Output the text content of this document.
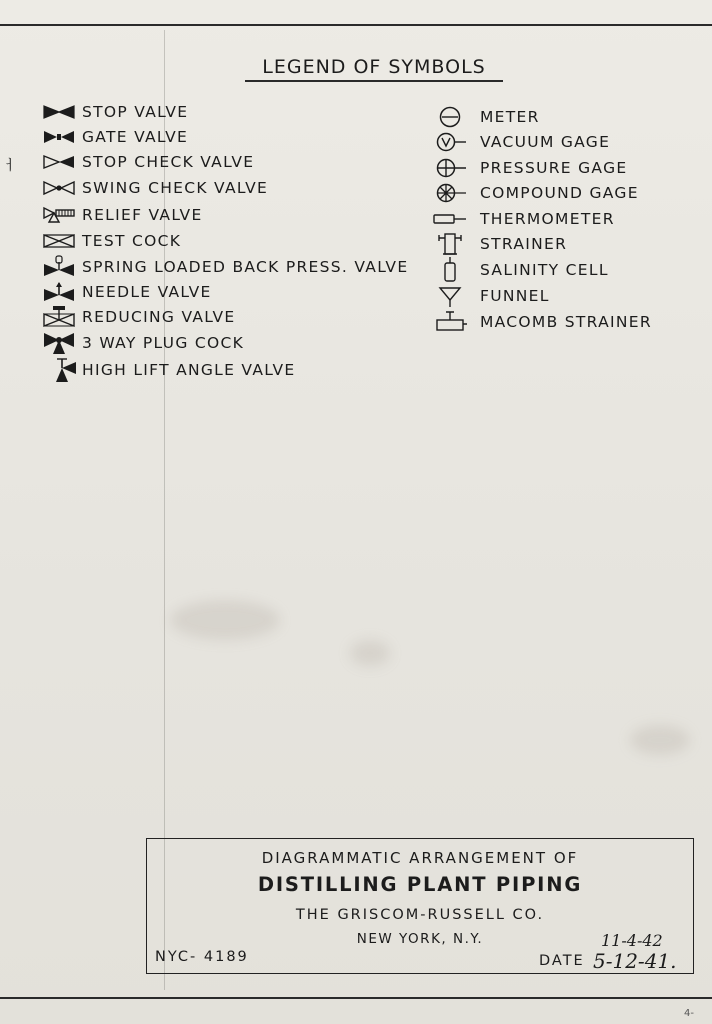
ㅓ
LEGEND OF SYMBOLS
STOP VALVE
GATE VALVE
STOP CHECK VALVE
SWING CHECK VALVE
RELIEF VALVE
TEST COCK
SPRING LOADED BACK PRESS. VALVE
NEEDLE VALVE
REDUCING VALVE
3 WAY PLUG COCK
HIGH LIFT ANGLE VALVE
METER
VACUUM GAGE
PRESSURE GAGE
COMPOUND GAGE
THERMOMETER
STRAINER
SALINITY CELL
FUNNEL
MACOMB STRAINER
DIAGRAMMATIC ARRANGEMENT OF
DISTILLING PLANT PIPING
THE GRISCOM-RUSSELL CO.
NEW YORK, N.Y.
NYC- 4189
11-4-42
DATE 5-12-41.
4-
